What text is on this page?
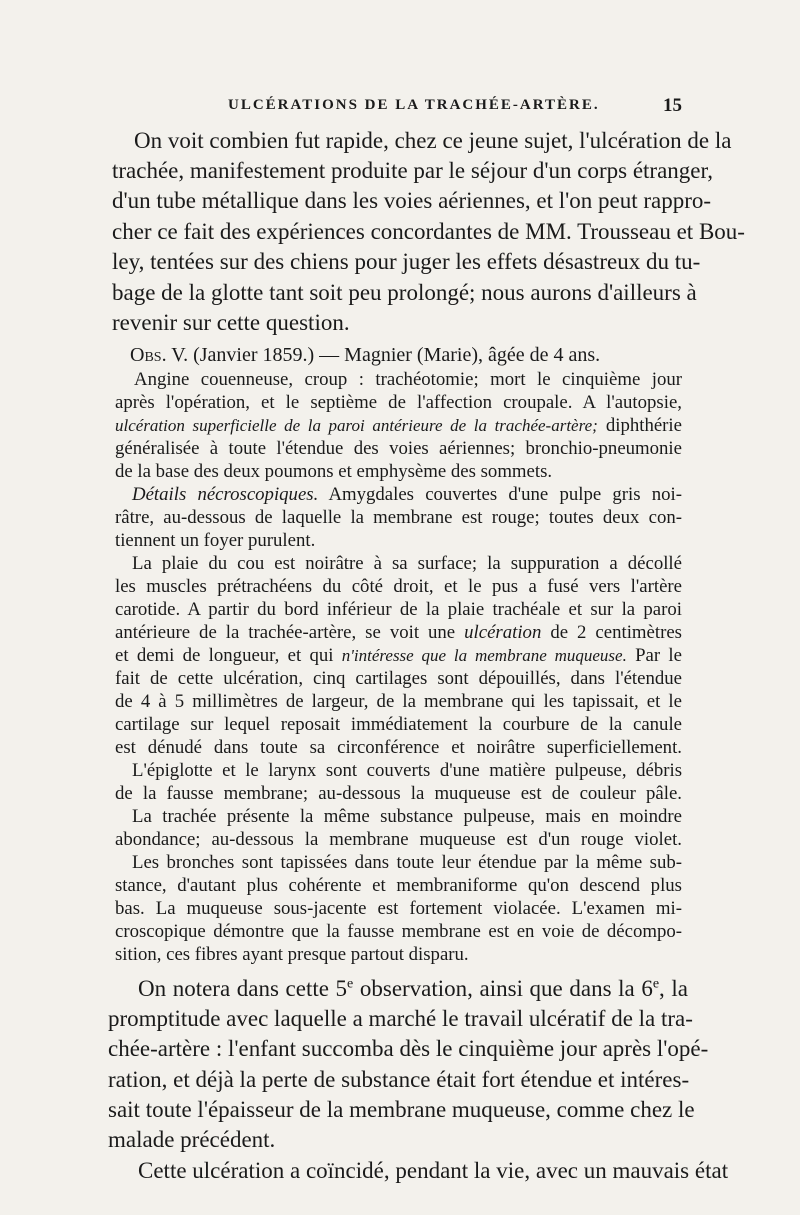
ULCÉRATIONS DE LA TRACHÉE-ARTÈRE.	15
On voit combien fut rapide, chez ce jeune sujet, l'ulcération de la
trachée, manifestement produite par le séjour d'un corps étranger,
d'un tube métallique dans les voies aériennes, et l'on peut rappro-
cher ce fait des expériences concordantes de MM. Trousseau et Bou-
ley, tentées sur des chiens pour juger les effets désastreux du tu-
bage de la glotte tant soit peu prolongé; nous aurons d'ailleurs à
revenir sur cette question.
Obs. V. (Janvier 1859.) — Magnier (Marie), âgée de 4 ans.
Angine couenneuse, croup : trachéotomie; mort le cinquième jour
après l'opération, et le septième de l'affection croupale. A l'autopsie,
ulcération superficielle de la paroi antérieure de la trachée-artère; diphthérie
généralisée à toute l'étendue des voies aériennes; bronchio-pneumonie
de la base des deux poumons et emphysème des sommets.
Détails nécroscopiques. Amygdales couvertes d'une pulpe gris noi-
râtre, au-dessous de laquelle la membrane est rouge; toutes deux con-
tiennent un foyer purulent.
La plaie du cou est noirâtre à sa surface; la suppuration a décollé
les muscles prétrachéens du côté droit, et le pus a fusé vers l'artère
carotide. A partir du bord inférieur de la plaie trachéale et sur la paroi
antérieure de la trachée-artère, se voit une ulcération de 2 centimètres
et demi de longueur, et qui n'intéresse que la membrane muqueuse. Par le
fait de cette ulcération, cinq cartilages sont dépouillés, dans l'étendue
de 4 à 5 millimètres de largeur, de la membrane qui les tapissait, et le
cartilage sur lequel reposait immédiatement la courbure de la canule
est dénudé dans toute sa circonférence et noirâtre superficiellement.
L'épiglotte et le larynx sont couverts d'une matière pulpeuse, débris
de la fausse membrane; au-dessous la muqueuse est de couleur pâle.
La trachée présente la même substance pulpeuse, mais en moindre
abondance; au-dessous la membrane muqueuse est d'un rouge violet.
Les bronches sont tapissées dans toute leur étendue par la même sub-
stance, d'autant plus cohérente et membraniforme qu'on descend plus
bas. La muqueuse sous-jacente est fortement violacée. L'examen mi-
croscopique démontre que la fausse membrane est en voie de décompo-
sition, ces fibres ayant presque partout disparu.
On notera dans cette 5e observation, ainsi que dans la 6e, la
promptitude avec laquelle a marché le travail ulcératif de la tra-
chée-artère : l'enfant succomba dès le cinquième jour après l'opé-
ration, et déjà la perte de substance était fort étendue et intéres-
sait toute l'épaisseur de la membrane muqueuse, comme chez le
malade précédent.
Cette ulcération a coïncidé, pendant la vie, avec un mauvais état
